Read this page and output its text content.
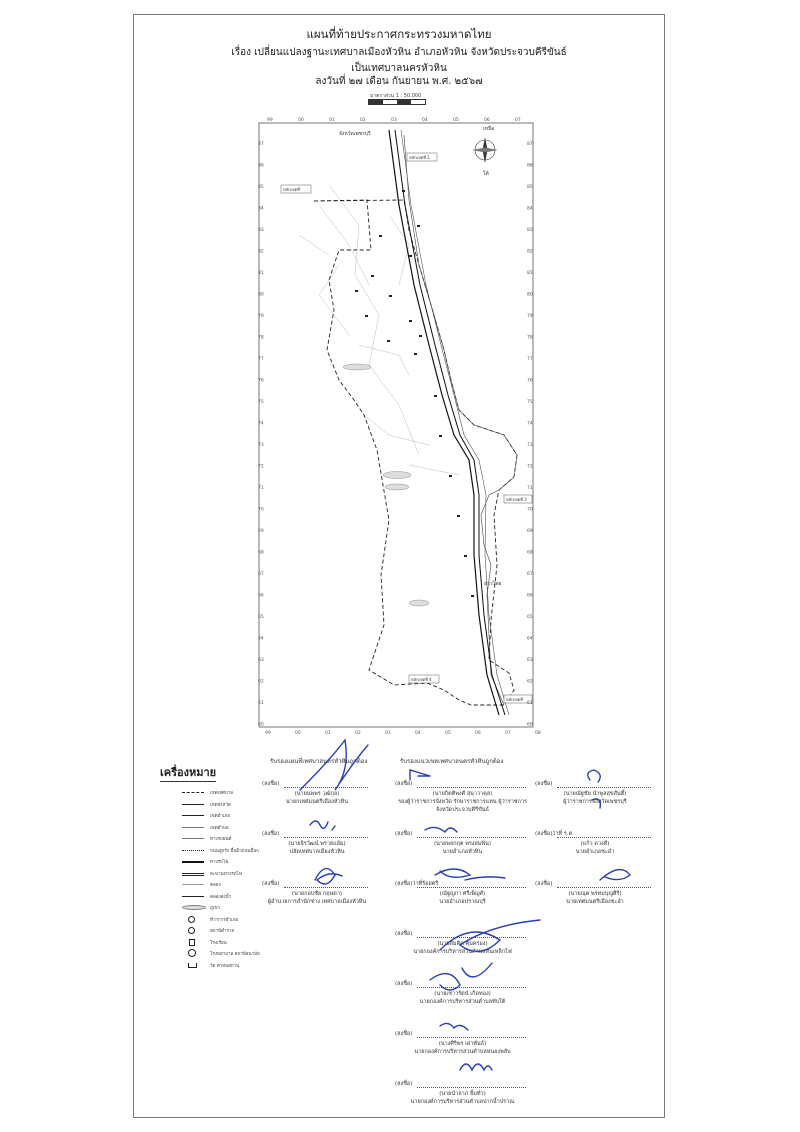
แผนที่ท้ายประกาศกระทรวงมหาดไทย
เรื่อง เปลี่ยนแปลงฐานะเทศบาลเมืองหัวหิน อำเภอหัวหิน จังหวัดประจวบคีรีขันธ์
เป็นเทศบาลนครหัวหิน
ลงวันที่ ๒๗ เดือน กันยายน พ.ศ. ๒๕๖๗
มาตราส่วน 1 : 50,000
เหนือ
ใต้
จังหวัดเพชรบุรี
อ่าวไทย
หลักเขตที่ 1
หลักเขตที่
หลักเขตที่ 4
หลักเขตที่
หลักเขตที่ 3
99	00	01	02	03	04	05	06	07
99	00	01	02	03	04	05	06	07	08
87	87
86	86
85	85
84	84
83	83
82	82
81	81
80	80
79	79
78	78
77	77
76	76
75	75
74	74
73	73
72	72
71	71
70	70
69	69
68	68
67	67
66	66
65	65
64	64
63	63
62	62
61	61
60	60
เครื่องหมาย
เขตเทศบาล
เขตจังหวัด
เขตอำเภอ
เขตตำบล
ทางรถยนต์
ถนนลูกรัง พื้นผิวถนนอื่นๆ
ทางรถไฟ
สะพานทางรถไฟ
คลอง
คลองส่งน้ำ
ภูเขา
ที่ว่าการอำเภอ
สถานีตำรวจ
โรงเรียน
โรงพยาบาล สถานีอนามัย
วัด ศาสนสถาน
รับรองแผนที่เทศบาลนครหัวหินถูกต้อง	รับรองแนวเขตเทศบาลนครหัวหินถูกต้อง
(ลงชื่อ)
(นายนพพร วุฒิกุล)
นายกเทศมนตรีเมืองหัวหิน
(ลงชื่อ)
(นายจิรวัฒน์ พรายแย้ม)
ปลัดเทศบาลเมืองหัวหิน
(ลงชื่อ)
(นายกอบชัย กฤษดา)
ผู้อำนวยการสำนักช่าง เทศบาลเมืองหัวหิน
(ลงชื่อ)
(นายกิตติพงศ์ สุนาวาคุล)
รองผู้ว่าราชการจังหวัด รักษาราชการแทน ผู้ว่าราชการจังหวัดประจวบคีรีขันธ์
(ลงชื่อ)
(นายพลกฤต พรงสมพิน)
นายอำเภอหัวหิน
(ลงชื่อ)ว่าที่ร้อยตรี
(ณัฐญกา ศรีเพ็ญศ์)
นายอำเภอปราณบุรี
(ลงชื่อ)
(นายสมคิด คุ้มครอง)
นายกองค์การบริหารส่วนตำบลหินเหล็กไฟ
(ลงชื่อ)
(นายเชาวรัตน์ เกิดทอง)
นายกองค์การบริหารส่วนตำบลทับใต้
(ลงชื่อ)
(นางศิริพร เผ่าพันธ์)
นายกองค์การบริหารส่วนตำบลหนองพลับ
(ลงชื่อ)
(นายนำลาภ ยิ้มทั่ว)
นายกองค์การบริหารส่วนตำบลปากน้ำปราณ
(ลงชื่อ)
(นายณัฐชัย นำพูลสุขสันติ์)
ผู้ว่าราชการจังหวัดเพชรบุรี
(ลงชื่อ)ว่าที่ ร.ต.
(แก้ว ดวงดี)
นายอำเภอชะอำ
(ลงชื่อ)
(นายณุต พรหมบุญศิริ)
นายเทศมนตรีเมืองชะอำ
